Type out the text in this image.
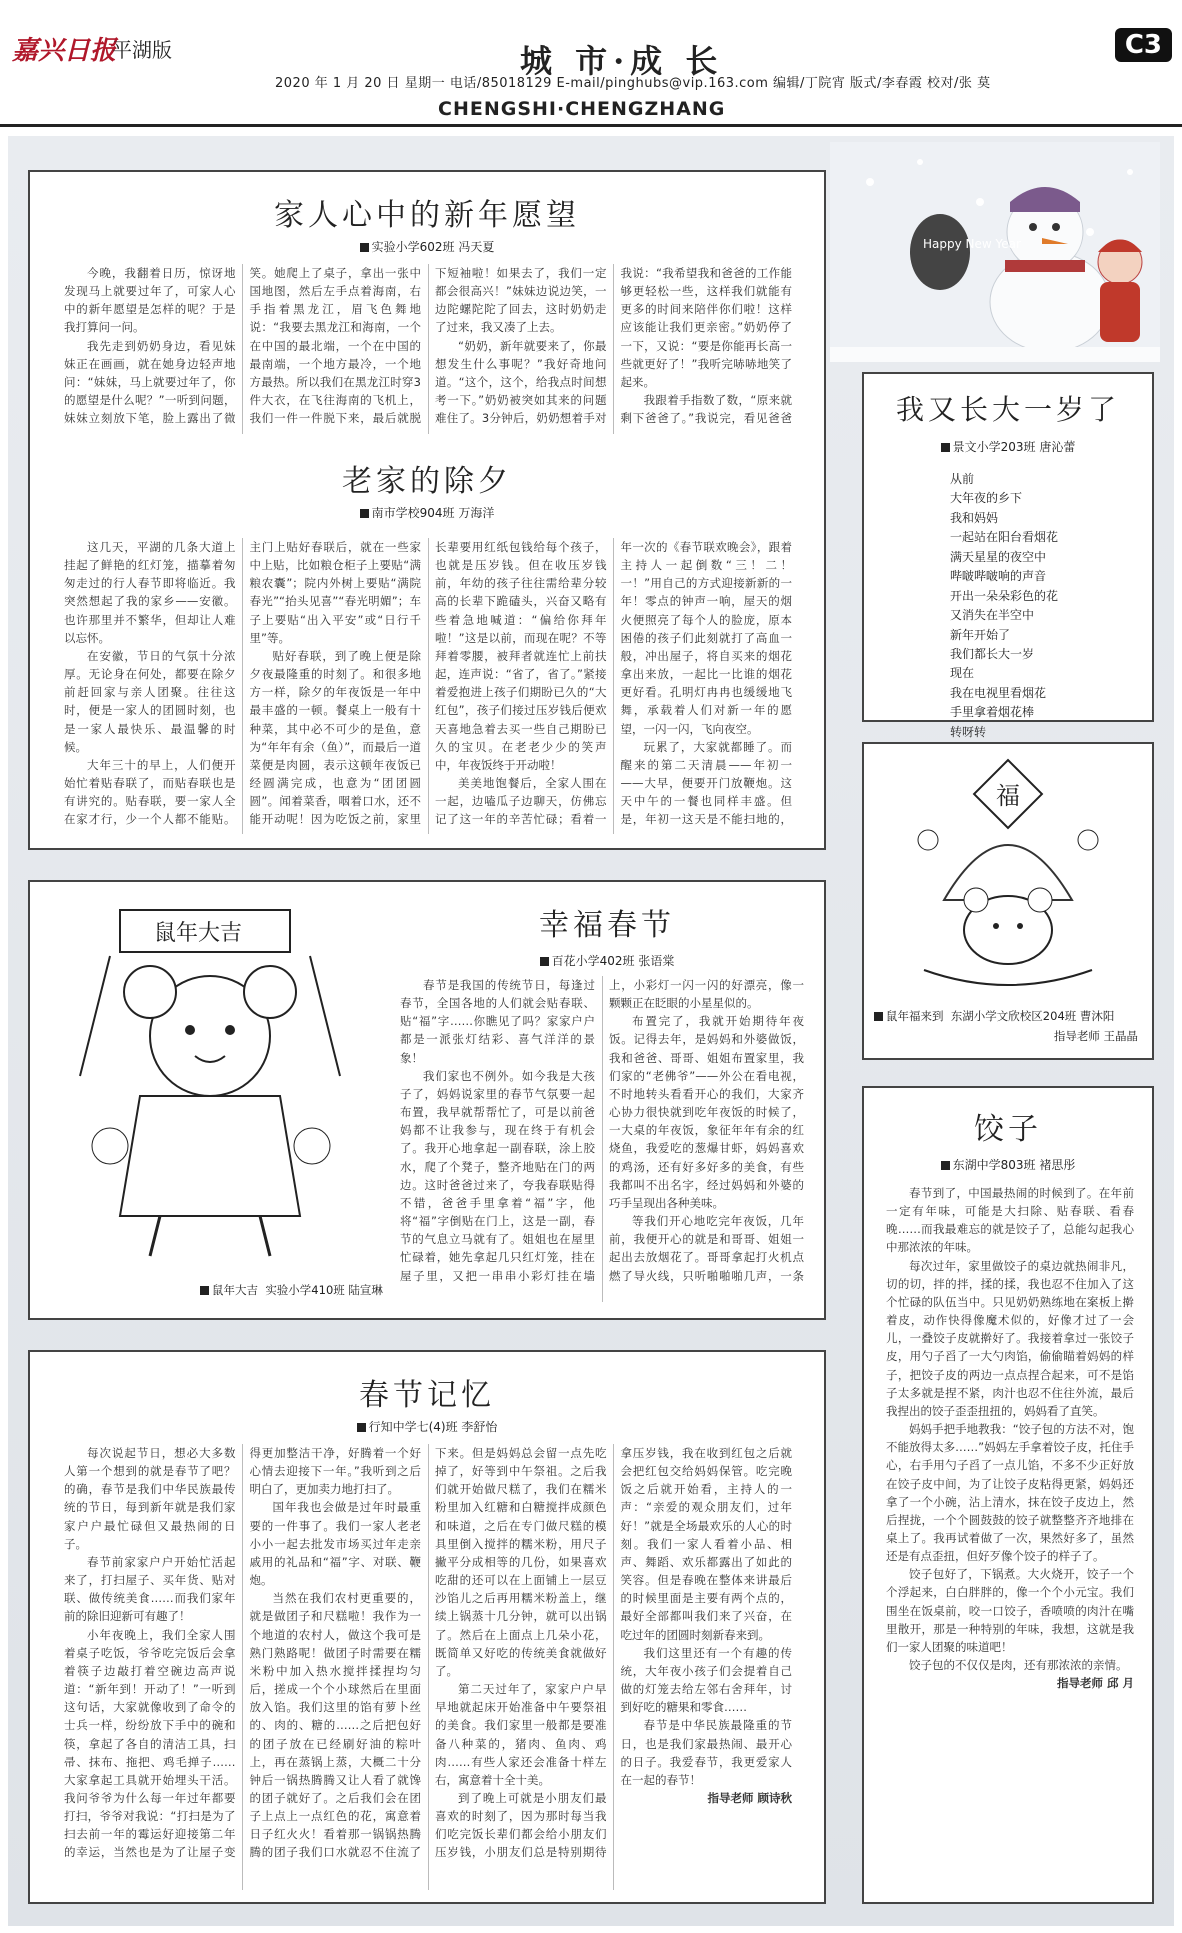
嘉兴日报
平湖版	城 市·成 长
2020 年 1 月 20 日 星期一 电话/85018129 E-mail/pinghubs@vip.163.com 编辑/丁院宵 版式/李春霞 校对/张 莫
CHENGSHI·CHENGZHANG
C3
Happy New Year
家人心中的新年愿望
实验小学602班 冯天夏

今晚，我翻着日历，惊讶地发现马上就要过年了，可家人心中的新年愿望是怎样的呢？于是我打算问一问。

我先走到奶奶身边，看见妹妹正在画画，就在她身边轻声地问：“妹妹，马上就要过年了，你的愿望是什么呢？”一听到问题，妹妹立刻放下笔，脸上露出了微笑。她爬上了桌子，拿出一张中国地图，然后左手点着海南，右手指着黑龙江，眉飞色舞地说：“我要去黑龙江和海南，一个在中国的最北端，一个在中国的最南端，一个地方最冷，一个地方最热。所以我们在黑龙江时穿3件大衣，在飞往海南的飞机上，我们一件一件脱下来，最后就脱下短袖啦！如果去了，我们一定都会很高兴！”妹妹边说边笑，一边陀螺陀陀了回去，这时奶奶走了过来，我又凑了上去。

“奶奶，新年就要来了，你最想发生什么事呢？”我好奇地问道。“这个，这个，给我点时间想考一下。”奶奶被突如其来的问题难住了。3分钟后，奶奶想着手对我说：“我希望我和爸爸的工作能够更轻松一些，这样我们就能有更多的时间来陪伴你们啦！这样应该能让我们更亲密。”奶奶停了一下，又说：“要是你能再长高一些就更好了！”我听完哧哧地笑了起来。

我跟着手指数了数，“原来就剩下爸爸了。”我说完，看见爸爸

老家的除夕
南市学校904班 万海洋

这几天，平湖的几条大道上挂起了鲜艳的红灯笼，描摹着匆匆走过的行人春节即将临近。我突然想起了我的家乡——安徽。也许那里并不繁华，但却让人难以忘怀。

在安徽，节日的气氛十分浓厚。无论身在何处，都要在除夕前赶回家与亲人团聚。往往这时，便是一家人的团圆时刻，也是一家人最快乐、最温馨的时候。

大年三十的早上，人们便开始忙着贴春联了，而贴春联也是有讲究的。贴春联，要一家人全在家才行，少一个人都不能贴。主门上贴好春联后，就在一些家中上贴，比如粮仓柜子上要贴“满粮农囊”；院内外树上要贴“满院春光”“抬头见喜”“春光明媚”；车子上要贴“出入平安”或“日行千里”等。

贴好春联，到了晚上便是除夕夜最隆重的时刻了。和很多地方一样，除夕的年夜饭是一年中最丰盛的一顿。餐桌上一般有十种菜，其中必不可少的是鱼，意为“年年有余（鱼）”，而最后一道菜便是肉圆，表示这顿年夜饭已经圆满完成，也意为“团团圆圆”。闻着菜香，咽着口水，还不能开动呢！因为吃饭之前，家里长辈要用红纸包钱给每个孩子，也就是压岁钱。但在收压岁钱前，年幼的孩子往往需给辈分较高的长辈下跪磕头，兴奋又略有些着急地喊道：“偏给你拜年啦！”这是以前，而现在呢？不等拜着零腰，被拜者就连忙上前扶起，连声说：“省了，省了。”紧接着爱抱进上孩子们期盼已久的“大红包”，孩子们接过压岁钱后便欢天喜地急着去买一些自己期盼已久的宝贝。在老老少少的笑声中，年夜饭终于开动啦！

美美地饱餐后，全家人围在一起，边嗑瓜子边聊天，仿佛忘记了这一年的辛苦忙碌；看着一年一次的《春节联欢晚会》，跟着主持人一起倒数“三！二！一！”用自己的方式迎接新新的一年！零点的钟声一响，屋天的烟火便照亮了每个人的脸庞，原本困倦的孩子们此刻就打了高血一般，冲出屋子，将自买来的烟花拿出来放，一起比一比谁的烟花更好看。孔明灯冉冉也缓缓地飞舞，承载着人们对新一年的愿望，一闪一闪，飞向夜空。

玩累了，大家就都睡了。而醒来的第二天清晨——年初一——大早，便要开门放鞭炮。这天中午的一餐也同样丰盛。但是，年初一这天是不能扫地的，

我又长大一岁了
景文小学203班 唐沁蕾
从前
大年夜的乡下
我和妈妈
一起站在阳台看烟花
满天星星的夜空中
哔啵哔啵响的声音
开出一朵朵彩色的花
又消失在半空中
新年开始了
我们都长大一岁
现在
我在电视里看烟花
手里拿着烟花棒
转呀转
福
鼠年福来到 东湖小学文欣校区204班 曹沐阳
指导老师 王晶晶
鼠年大吉
鼠年大吉 实验小学410班 陆宣琳
幸福春节
百花小学402班 张语棠

春节是我国的传统节日，每逢过春节，全国各地的人们就会贴春联、贴“福”字……你瞧见了吗？家家户户都是一派张灯结彩、喜气洋洋的景象！

我们家也不例外。如今我是大孩子了，妈妈说家里的春节气氛要一起布置，我早就帮帮忙了，可是以前爸妈都不让我参与，现在终于有机会了。我开心地拿起一副春联，涂上胶水，爬了个凳子，整齐地贴在门的两边。这时爸爸过来了，夸我春联贴得不错，爸爸手里拿着“福”字，他将“福”字倒贴在门上，这是一副，春节的气息立马就有了。姐姐也在屋里忙碌着，她先拿起几只红灯笼，挂在屋子里，又把一串串小彩灯挂在墙上，小彩灯一闪一闪的好漂亮，像一颗颗正在眨眼的小星星似的。

布置完了，我就开始期待年夜饭。记得去年，是妈妈和外婆做饭，我和爸爸、哥哥、姐姐布置家里，我们家的“老佛爷”——外公在看电视，不时地转头看看开心的我们，大家齐心协力很快就到吃年夜饭的时候了，一大桌的年夜饭，象征年年有余的红烧鱼，我爱吃的葱爆甘虾，妈妈喜欢的鸡汤，还有好多好多的美食，有些我都叫不出名字，经过妈妈和外婆的巧手呈现出各种美味。

等我们开心地吃完年夜饭，几年前，我便开心的就是和哥哥、姐姐一起出去放烟花了。哥哥拿起打火机点燃了导火线，只听啪啪啪几声，一条

饺子
东湖中学803班 褚思彤

春节到了，中国最热闹的时候到了。在年前一定有年味，可能是大扫除、贴春联、看春晚……而我最难忘的就是饺子了，总能勾起我心中那浓浓的年味。

每次过年，家里做饺子的桌边就热闹非凡，切的切，拌的拌，揉的揉，我也忍不住加入了这个忙碌的队伍当中。只见奶奶熟练地在案板上擀着皮，动作快得像魔术似的，好像才过了一会儿，一叠饺子皮就擀好了。我接着拿过一张饺子皮，用勺子舀了一大勺肉馅，偷偷瞄着妈妈的样子，把饺子皮的两边一点点捏合起来，可不是馅子太多就是捏不紧，肉汁也忍不住往外流，最后我捏出的饺子歪歪扭扭的，妈妈看了直笑。

妈妈手把手地教我：“饺子包的方法不对，饱不能放得太多……”妈妈左手拿着饺子皮，托住手心，右手用勺子舀了一点儿馅，不多不少正好放在饺子皮中间，为了让饺子皮粘得更紧，妈妈还拿了一个小碗，沾上清水，抹在饺子皮边上，然后捏拢，一个个圆鼓鼓的饺子就整整齐齐地排在桌上了。我再试着做了一次，果然好多了，虽然还是有点歪扭，但好歹像个饺子的样子了。

饺子包好了，下锅煮。大火烧开，饺子一个个浮起来，白白胖胖的，像一个个小元宝。我们围坐在饭桌前，咬一口饺子，香喷喷的肉汁在嘴里散开，那是一种特别的年味，我想，这就是我们一家人团聚的味道吧！

饺子包的不仅仅是肉，还有那浓浓的亲情。

指导老师 邱 月

春节记忆
行知中学七(4)班 李舒怡

每次说起节日，想必大多数人第一个想到的就是春节了吧？的确，春节是我们中华民族最传统的节日，每到新年就是我们家家户户最忙碌但又最热闹的日子。

春节前家家户户开始忙活起来了，打扫屋子、买年货、贴对联、做传统美食……而我们家年前的除旧迎新可有趣了！

小年夜晚上，我们全家人围着桌子吃饭，爷爷吃完饭后会拿着筷子边敲打着空碗边高声说道：“新年到！开动了！”一听到这句话，大家就像收到了命令的士兵一样，纷纷放下手中的碗和筷，拿起了各自的清洁工具，扫帚、抹布、拖把、鸡毛掸子……大家拿起工具就开始埋头干活。我问爷爷为什么每一年过年都要打扫，爷爷对我说：“打扫是为了扫去前一年的霉运好迎接第二年的幸运，当然也是为了让屋子变得更加整洁干净，好腾着一个好心情去迎接下一年。”我听到之后明白了，更加卖力地打扫了。

国年我也会做是过年时最重要的一件事了。我们一家人老老小小一起去批发市场买过年走亲戚用的礼品和“福”字、对联、鞭炮。

当然在我们农村更重要的，就是做团子和尺糕啦！我作为一个地道的农村人，做这个我可是熟门熟路呢！做团子时需要在糯米粉中加入热水搅拌揉捏均匀后，搓成一个个小球然后在里面放入馅。我们这里的馅有萝卜丝的、肉的、糖的……之后把包好的团子放在已经刷好油的粽叶上，再在蒸锅上蒸，大概二十分钟后一锅热腾腾又让人看了就馋的团子就好了。之后我们会在团子上点上一点红色的花，寓意着日子红火火！看着那一锅锅热腾腾的团子我们口水就忍不住流了下来。但是妈妈总会留一点先吃掉了，好等到中午祭祖。之后我们就开始做尺糕了，我们在糯米粉里加入红糖和白糖搅拌成颜色和味道，之后在专门做尺糕的模具里倒入搅拌的糯米粉，用尺子撇平分成相等的几份，如果喜欢吃甜的还可以在上面铺上一层豆沙馅儿之后再用糯米粉盖上，继续上锅蒸十几分钟，就可以出锅了。然后在上面点上几朵小花，既简单又好吃的传统美食就做好了。

第二天过年了，家家户户早早地就起床开始准备中午要祭祖的美食。我们家里一般都是要准备八种菜的，猪肉、鱼肉、鸡肉……有些人家还会准备十样左右，寓意着十全十美。

到了晚上可就是小朋友们最喜欢的时刻了，因为那时每当我们吃完饭长辈们都会给小朋友们压岁钱，小朋友们总是特别期待拿压岁钱，我在收到红包之后就会把红包交给妈妈保管。吃完晚饭之后就开始看，主持人的一声：“亲爱的观众朋友们，过年好！”就是全场最欢乐的人心的时刻。我们一家人看着小品、相声、舞蹈、欢乐都露出了如此的笑容。但是春晚在整体来讲最后的时候里面是主要有两个点的，最好全部都叫我们来了兴奋，在吃过年的团圆时刻新春来到。

我们这里还有一个有趣的传统，大年夜小孩子们会提着自己做的灯笼去给左邻右舍拜年，讨到好吃的糖果和零食……

春节是中华民族最隆重的节日，也是我们家最热闹、最开心的日子。我爱春节，我更爱家人在一起的春节！

指导老师 顾诗秋
